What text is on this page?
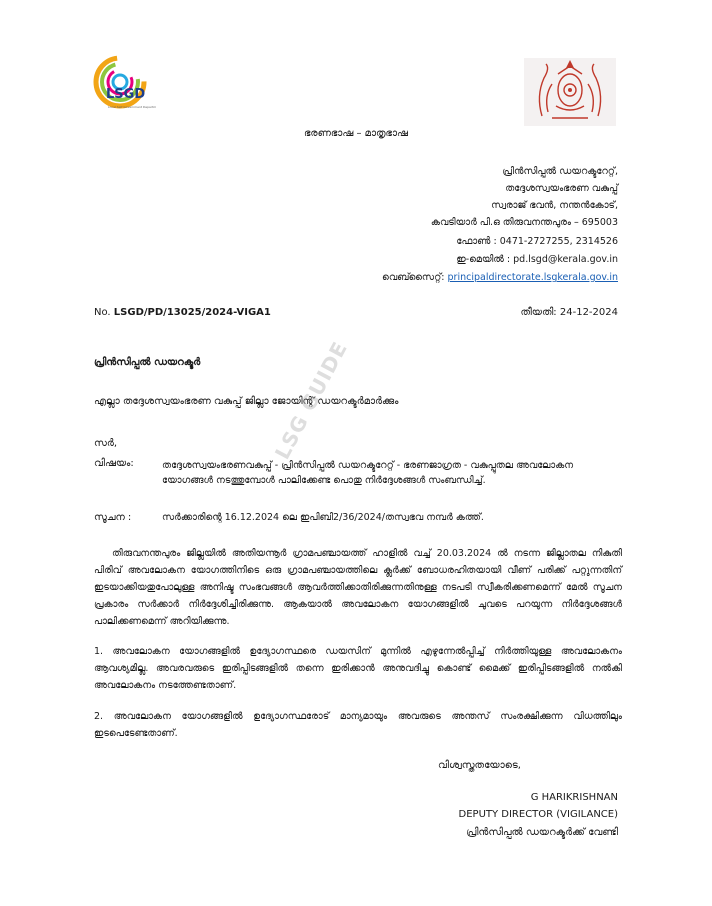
LSGD
Local Self Government Department
ഭരണഭാഷ – മാതൃഭാഷ
പ്രിൻസിപ്പൽ ഡയറക്ടറേറ്റ്,
തദ്ദേശസ്വയംഭരണ വകുപ്പ്
സ്വരാജ് ഭവൻ, നന്തൻകോട്,
കവടിയാർ പി.ഒ തിരുവനന്തപുരം – 695003
ഫോൺ : 0471-2727255, 2314526
ഇ-മെയിൽ : pd.lsgd@kerala.gov.in
വെബ്സൈറ്റ്: principaldirectorate.lsgkerala.gov.in
No. LSGD/PD/13025/2024-VIGA1	തീയതി: 24-12-2024
പ്രിൻസിപ്പൽ ഡയറക്ടർ
എല്ലാ തദ്ദേശസ്വയംഭരണ വകുപ്പ് ജില്ലാ ജോയിന്റ് ഡയറക്ടർമാർക്കും
സർ,
വിഷയം:	തദ്ദേശസ്വയംഭരണവകുപ്പ് - പ്രിൻസിപ്പൽ ഡയറക്ടറേറ്റ് - ഭരണജാഗ്രത - വകുപ്പുതല അവലോകന യോഗങ്ങൾ നടത്തുമ്പോൾ പാലിക്കേണ്ട പൊതു നിർദ്ദേശങ്ങൾ സംബന്ധിച്ച്.
സൂചന :	സർക്കാരിന്റെ 16.12.2024 ലെ ഇപിബി2/36/2024/തസ്വഭവ നമ്പർ കത്ത്.
തിരുവനന്തപുരം ജില്ലയിൽ അതിയന്നൂർ ഗ്രാമപഞ്ചായത്ത് ഹാളിൽ വച്ച് 20.03.2024 ൽ നടന്ന ജില്ലാതല നികുതി പിരിവ് അവലോകന യോഗത്തിനിടെ ഒരു ഗ്രാമപഞ്ചായത്തിലെ ക്ലർക്ക് ബോധരഹിതയായി വീണ് പരിക്ക് പറ്റുന്നതിന് ഇടയാക്കിയതുപോലുള്ള അനിഷ്ട സംഭവങ്ങൾ ആവർത്തിക്കാതിരിക്കുന്നതിനുള്ള നടപടി സ്വീകരിക്കണമെന്ന് മേൽ സൂചന പ്രകാരം സർക്കാർ നിർദ്ദേശിച്ചിരിക്കുന്നു. ആകയാൽ അവലോകന യോഗങ്ങളിൽ ചുവടെ പറയുന്ന നിർദ്ദേശങ്ങൾ പാലിക്കണമെന്ന് അറിയിക്കുന്നു.
1. അവലോകന യോഗങ്ങളിൽ ഉദ്യോഗസ്ഥരെ ഡയസിന് മുന്നിൽ എഴുന്നേൽപ്പിച്ച് നിർത്തിയുള്ള അവലോകനം ആവശ്യമില്ല. അവരവരുടെ ഇരിപ്പിടങ്ങളിൽ തന്നെ ഇരിക്കാൻ അനുവദിച്ചു കൊണ്ട് മൈക്ക് ഇരിപ്പിടങ്ങളിൽ നൽകി അവലോകനം നടത്തേണ്ടതാണ്.
2. അവലോകന യോഗങ്ങളിൽ ഉദ്യോഗസ്ഥരോട് മാന്യമായും അവരുടെ അന്തസ് സംരക്ഷിക്കുന്ന വിധത്തിലും ഇടപെടേണ്ടതാണ്.
വിശ്വസ്തതയോടെ,
G HARIKRISHNAN
DEPUTY DIRECTOR (VIGILANCE)
പ്രിൻസിപ്പൽ ഡയറക്ടർക്ക് വേണ്ടി
LSG GUIDE
